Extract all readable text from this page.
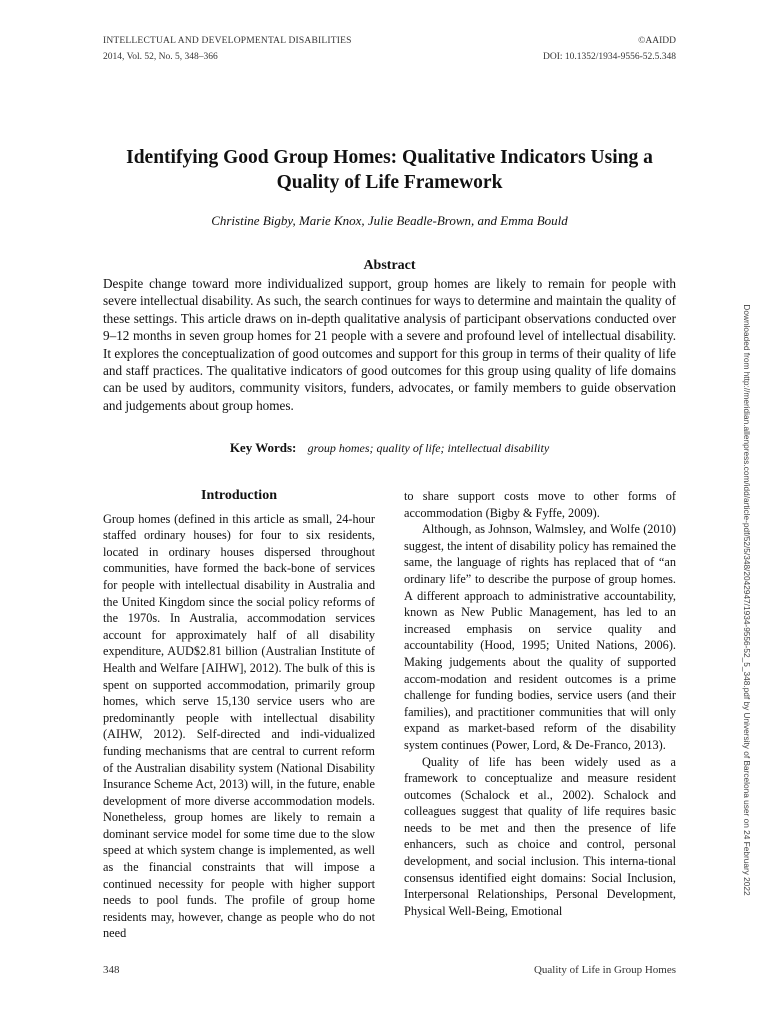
INTELLECTUAL AND DEVELOPMENTAL DISABILITIES
2014, Vol. 52, No. 5, 348–366
©AAIDD
DOI: 10.1352/1934-9556-52.5.348
Identifying Good Group Homes: Qualitative Indicators Using a Quality of Life Framework
Christine Bigby, Marie Knox, Julie Beadle-Brown, and Emma Bould
Abstract

Despite change toward more individualized support, group homes are likely to remain for people with severe intellectual disability. As such, the search continues for ways to determine and maintain the quality of these settings. This article draws on in-depth qualitative analysis of participant observations conducted over 9–12 months in seven group homes for 21 people with a severe and profound level of intellectual disability. It explores the conceptualization of good outcomes and support for this group in terms of their quality of life and staff practices. The qualitative indicators of good outcomes for this group using quality of life domains can be used by auditors, community visitors, funders, advocates, or family members to guide observation and judgements about group homes.

Key Words: group homes; quality of life; intellectual disability
Introduction

Group homes (defined in this article as small, 24-hour staffed ordinary houses) for four to six residents, located in ordinary houses dispersed throughout communities, have formed the back-bone of services for people with intellectual disability in Australia and the United Kingdom since the social policy reforms of the 1970s. In Australia, accommodation services account for approximately half of all disability expenditure, AUD$2.81 billion (Australian Institute of Health and Welfare [AIHW], 2012). The bulk of this is spent on supported accommodation, primarily group homes, which serve 15,130 service users who are predominantly people with intellectual disability (AIHW, 2012). Self-directed and indi-vidualized funding mechanisms that are central to current reform of the Australian disability system (National Disability Insurance Scheme Act, 2013) will, in the future, enable development of more diverse accommodation models. Nonetheless, group homes are likely to remain a dominant service model for some time due to the slow speed at which system change is implemented, as well as the financial constraints that will impose a continued necessity for people with higher support needs to pool funds. The profile of group home residents may, however, change as people who do not need

to share support costs move to other forms of accommodation (Bigby & Fyffe, 2009).

Although, as Johnson, Walmsley, and Wolfe (2010) suggest, the intent of disability policy has remained the same, the language of rights has replaced that of “an ordinary life” to describe the purpose of group homes. A different approach to administrative accountability, known as New Public Management, has led to an increased emphasis on service quality and accountability (Hood, 1995; United Nations, 2006). Making judgements about the quality of supported accom-modation and resident outcomes is a prime challenge for funding bodies, service users (and their families), and practitioner communities that will only expand as market-based reform of the disability system continues (Power, Lord, & De-Franco, 2013).

Quality of life has been widely used as a framework to conceptualize and measure resident outcomes (Schalock et al., 2002). Schalock and colleagues suggest that quality of life requires basic needs to be met and then the presence of life enhancers, such as choice and control, personal development, and social inclusion. This interna-tional consensus identified eight domains: Social Inclusion, Interpersonal Relationships, Personal Development, Physical Well-Being, Emotional

348	Quality of Life in Group Homes
Downloaded from http://meridian.allenpress.com/idd/article-pdf/52/5/348/2042947/1934-9556-52_5_348.pdf by University of Barcelona user on 24 February 2022
